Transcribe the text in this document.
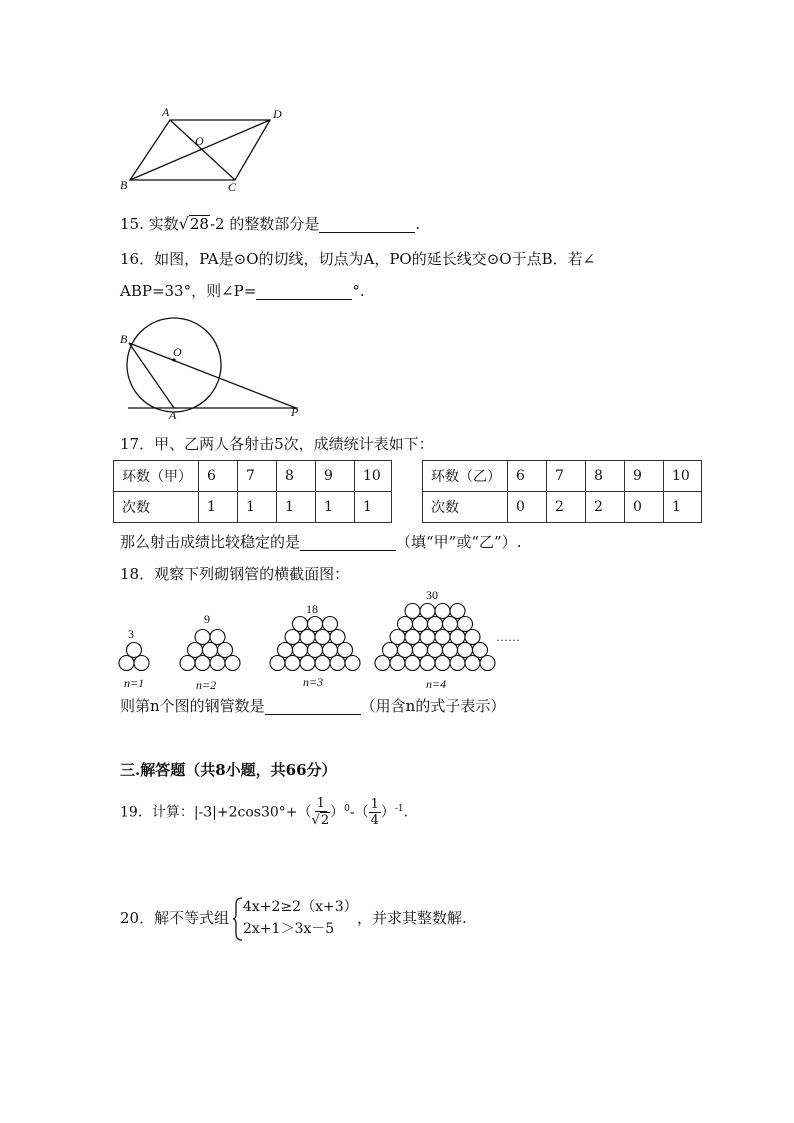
A	D
O
B	C
15. 实数√28-2 的整数部分是	.
16．如图，PA是⊙O的切线，切点为A，PO的延长线交⊙O于点B．若∠
ABP=33°，则∠P=	°.
B
O
A	P
17．甲、乙两人各射击5次，成绩统计表如下：
环数（甲）	6	7	8	9	10
次数	1	1	1	1	1
环数（乙）	6	7	8	9	10
次数	0	2	2	0	1
那么射击成绩比较稳定的是	（填“甲”或“乙”）.
18．观察下列砌钢管的横截面图：
3
9
18
30
n=1	n=2	n=3	n=4
……
则第n个图的钢管数是	（用含n的式子表示）
三.解答题（共8小题，共66分）
19．计算：$|-3|+2\cos 30^\circ+( \frac{1}{√2} )^0-( \frac{1}{4} )^{-1}$.
20．解不等式组
4x+2≥2（x+3）
2x+1＞3x－5
，并求其整数解.
